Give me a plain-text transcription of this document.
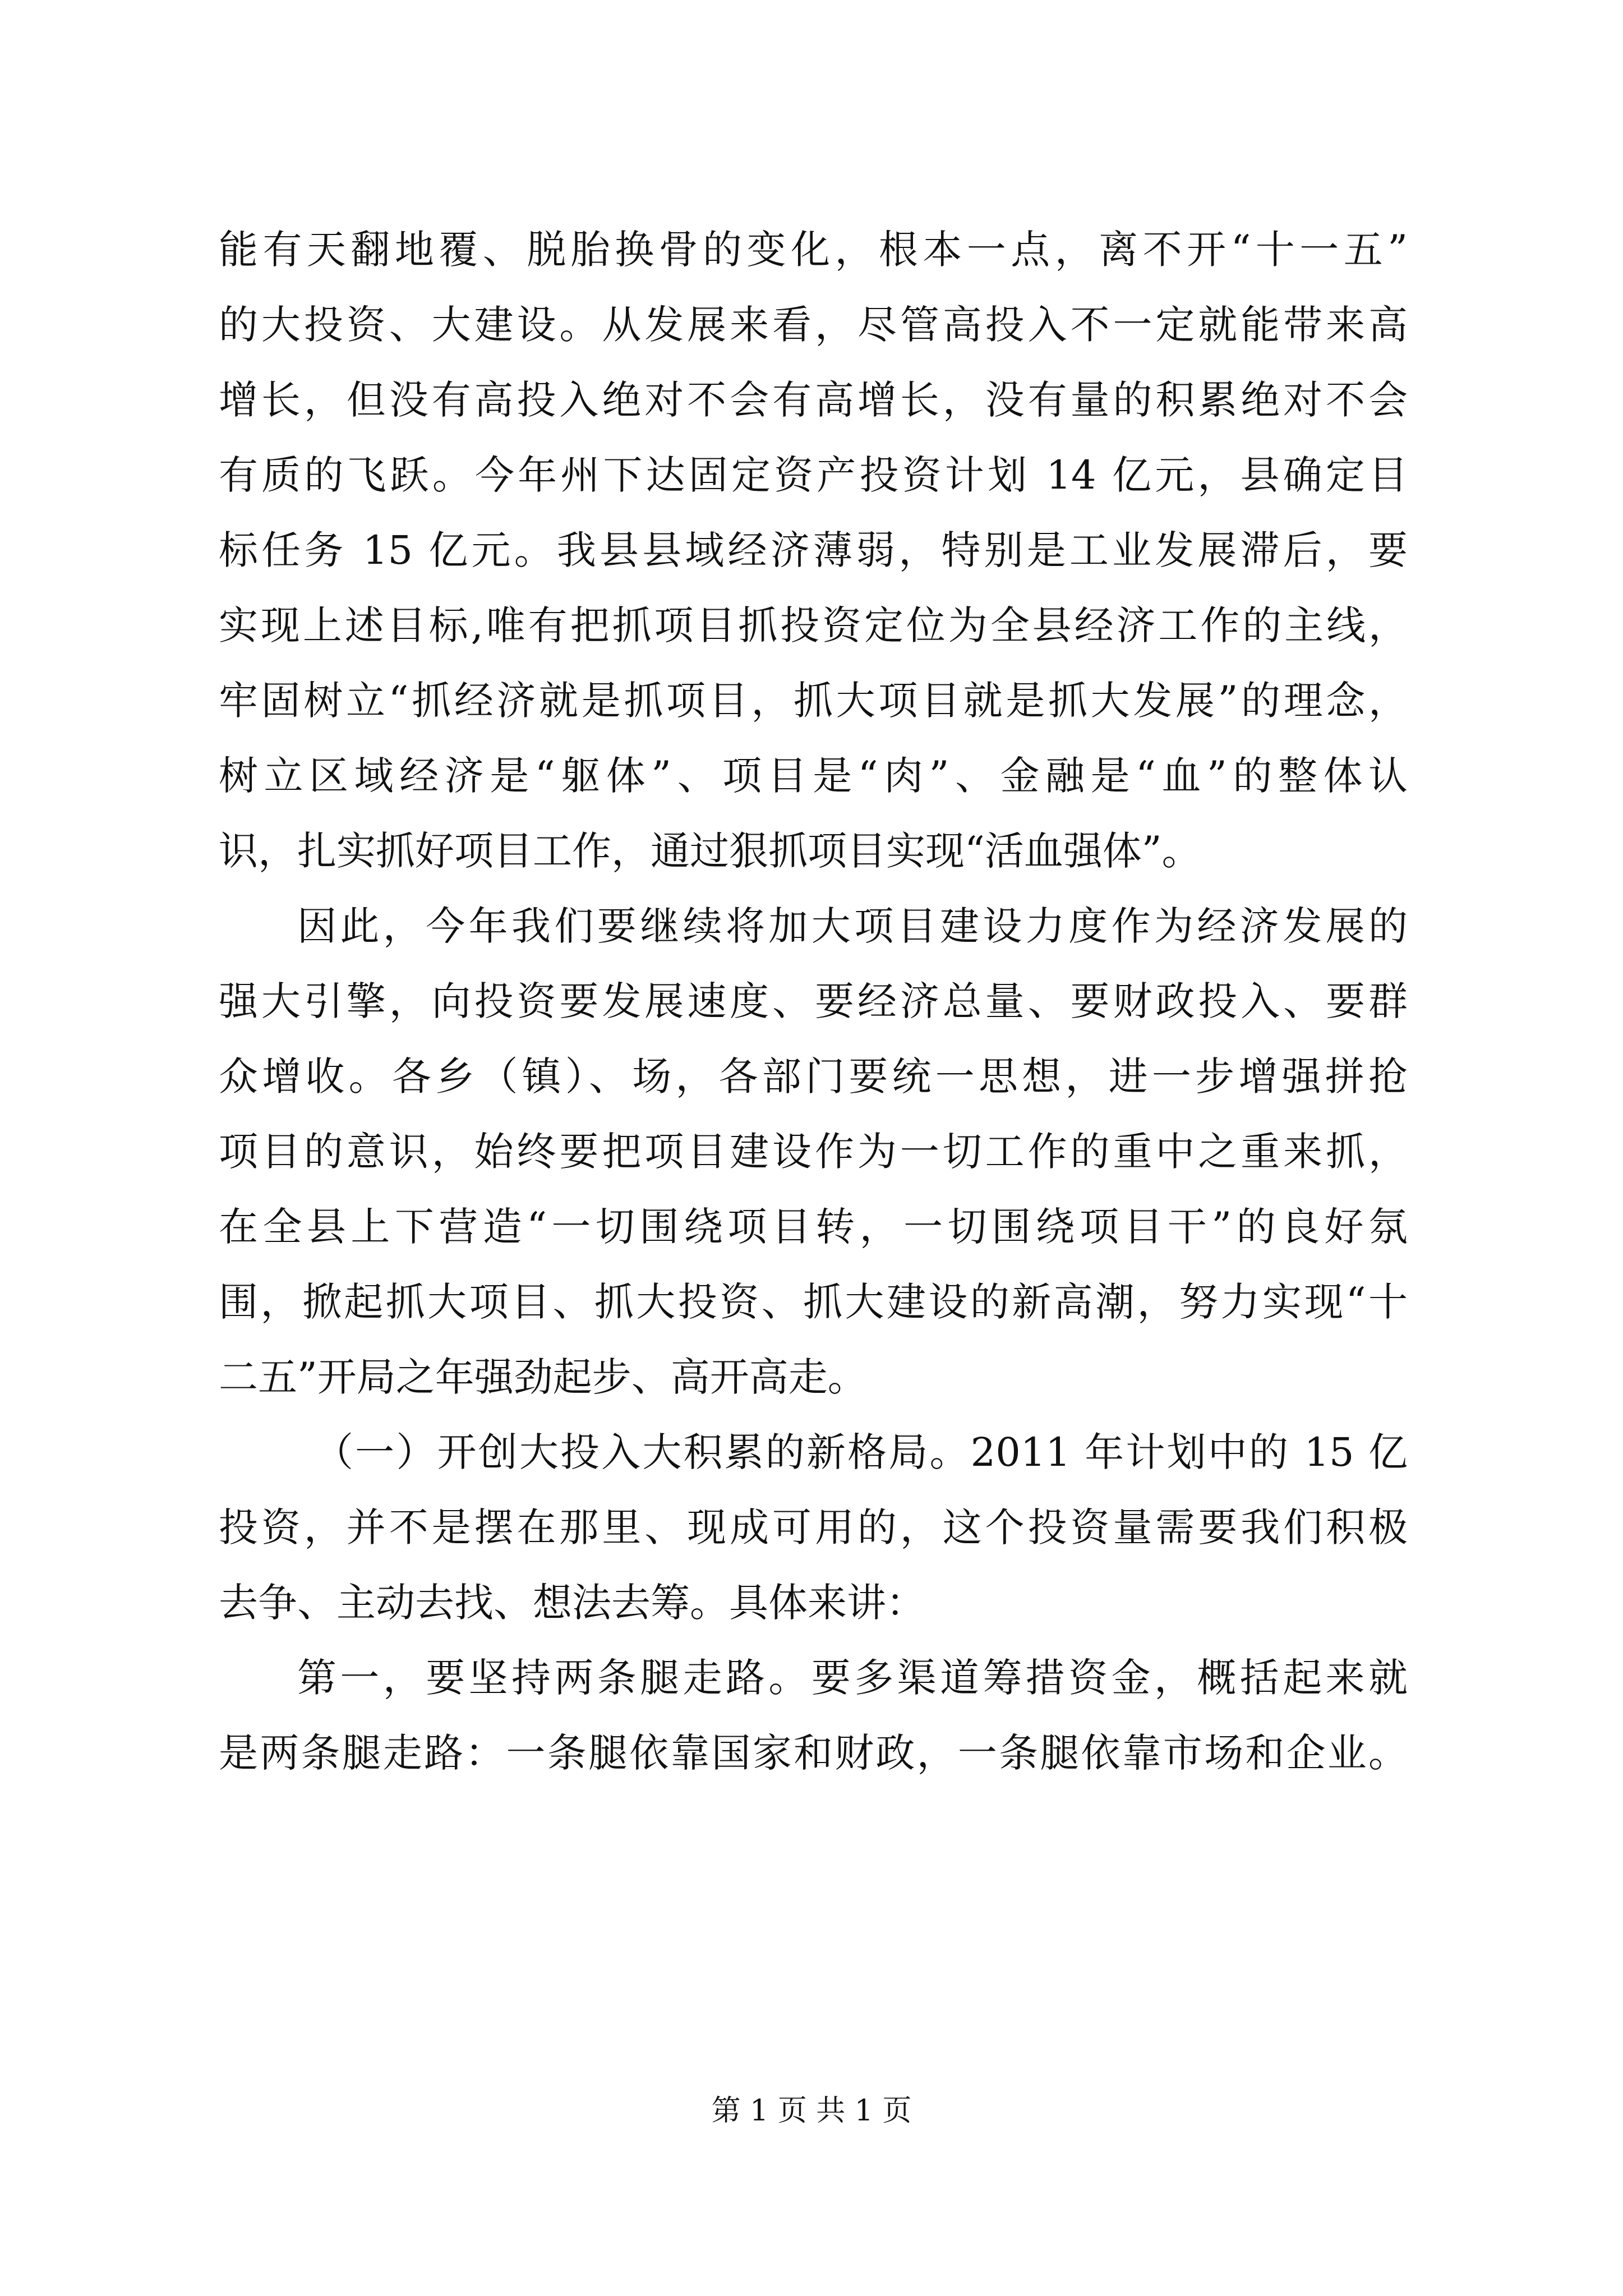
能有天翻地覆、脱胎换骨的变化，根本一点，离不开“十一五”
的大投资、大建设。从发展来看，尽管高投入不一定就能带来高
增长，但没有高投入绝对不会有高增长，没有量的积累绝对不会
有质的飞跃。今年州下达固定资产投资计划 14 亿元，县确定目
标任务 15 亿元。我县县域经济薄弱，特别是工业发展滞后，要
实现上述目标,唯有把抓项目抓投资定位为全县经济工作的主线，
牢固树立“抓经济就是抓项目，抓大项目就是抓大发展”的理念，
树立区域经济是“躯体”、项目是“肉”、金融是“血”的整体认
识，扎实抓好项目工作，通过狠抓项目实现“活血强体”。
因此，今年我们要继续将加大项目建设力度作为经济发展的
强大引擎，向投资要发展速度、要经济总量、要财政投入、要群
众增收。各乡（镇）、场，各部门要统一思想，进一步增强拼抢
项目的意识，始终要把项目建设作为一切工作的重中之重来抓，
在全县上下营造“一切围绕项目转，一切围绕项目干”的良好氛
围，掀起抓大项目、抓大投资、抓大建设的新高潮，努力实现“十
二五”开局之年强劲起步、高开高走。
（一）开创大投入大积累的新格局。2011 年计划中的 15 亿
投资，并不是摆在那里、现成可用的，这个投资量需要我们积极
去争、主动去找、想法去筹。具体来讲：
第一，要坚持两条腿走路。要多渠道筹措资金，概括起来就
是两条腿走路：一条腿依靠国家和财政，一条腿依靠市场和企业。
第 1 页 共 1 页
